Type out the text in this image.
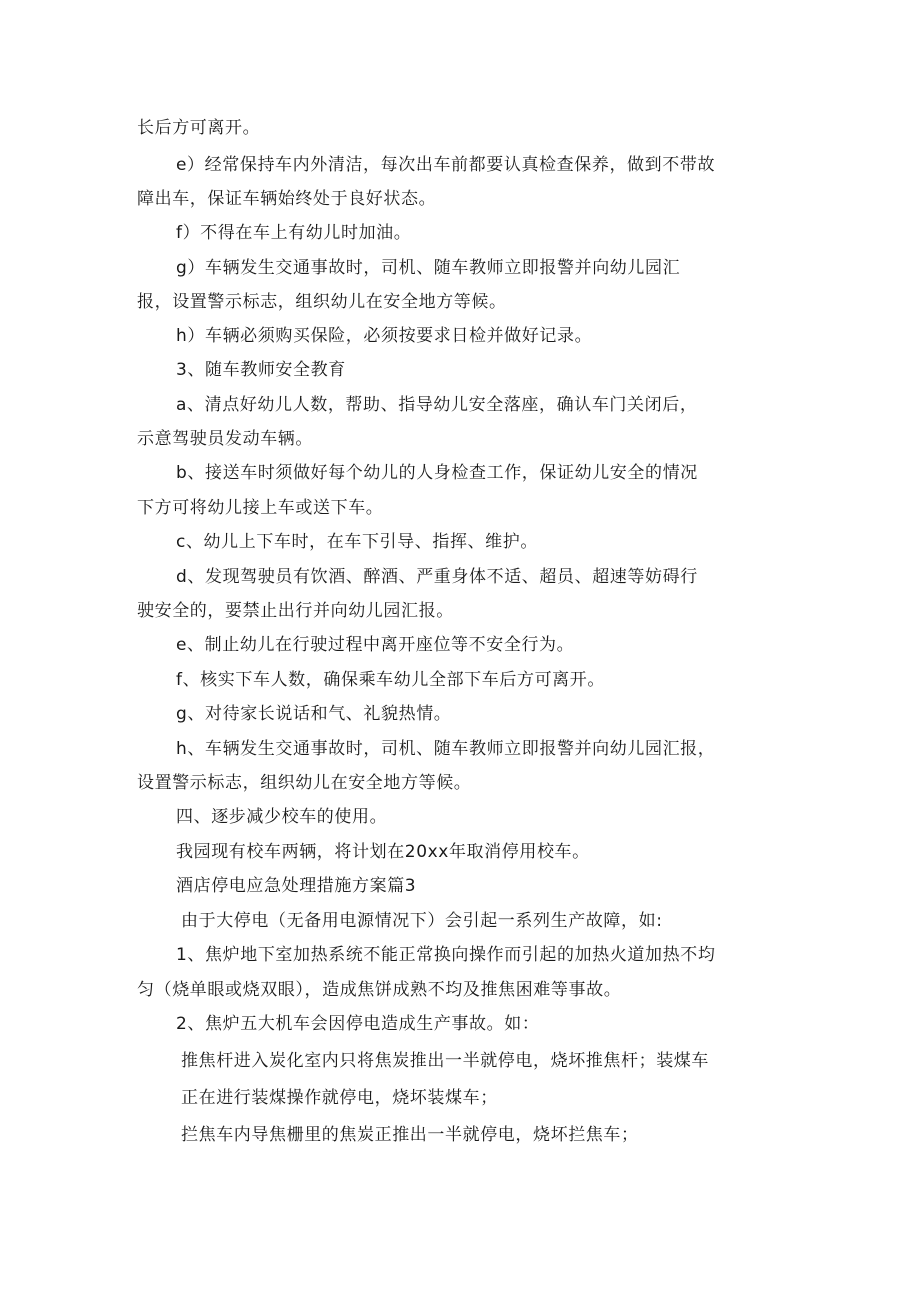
长后方可离开。
e）经常保持车内外清洁，每次出车前都要认真检查保养，做到不带故
障出车，保证车辆始终处于良好状态。
f）不得在车上有幼儿时加油。
g）车辆发生交通事故时，司机、随车教师立即报警并向幼儿园汇
报，设置警示标志，组织幼儿在安全地方等候。
h）车辆必须购买保险，必须按要求日检并做好记录。
3、随车教师安全教育
a、清点好幼儿人数，帮助、指导幼儿安全落座，确认车门关闭后，
示意驾驶员发动车辆。
b、接送车时须做好每个幼儿的人身检查工作，保证幼儿安全的情况
下方可将幼儿接上车或送下车。
c、幼儿上下车时，在车下引导、指挥、维护。
d、发现驾驶员有饮酒、醉酒、严重身体不适、超员、超速等妨碍行
驶安全的，要禁止出行并向幼儿园汇报。
e、制止幼儿在行驶过程中离开座位等不安全行为。
f、核实下车人数，确保乘车幼儿全部下车后方可离开。
g、对待家长说话和气、礼貌热情。
h、车辆发生交通事故时，司机、随车教师立即报警并向幼儿园汇报，
设置警示标志，组织幼儿在安全地方等候。
四、逐步减少校车的使用。
我园现有校车两辆，将计划在20xx年取消停用校车。
酒店停电应急处理措施方案篇3
由于大停电（无备用电源情况下）会引起一系列生产故障，如:
1、焦炉地下室加热系统不能正常换向操作而引起的加热火道加热不均
匀（烧单眼或烧双眼），造成焦饼成熟不均及推焦困难等事故。
2、焦炉五大机车会因停电造成生产事故。如：
推焦杆进入炭化室内只将焦炭推出一半就停电，烧坏推焦杆；装煤车
正在进行装煤操作就停电，烧坏装煤车；
拦焦车内导焦栅里的焦炭正推出一半就停电，烧坏拦焦车；
